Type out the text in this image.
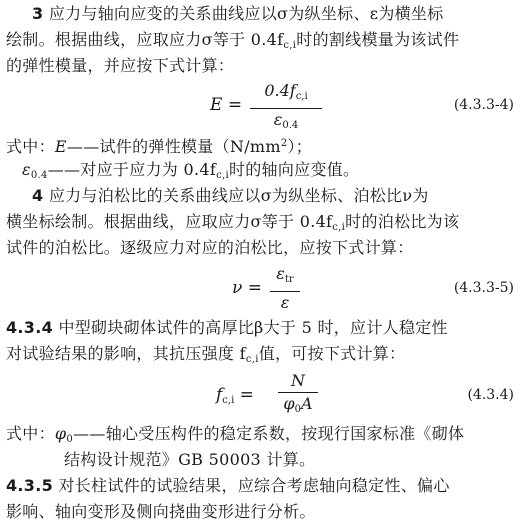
3 应力与轴向应变的关系曲线应以σ为纵坐标、ε为横坐标
绘制。根据曲线，应取应力σ等于 $0.4f_{c,i}$时的割线模量为该试件
的弹性模量，并应按下式计算：
E =
$0.4f_{c,i}$
$\varepsilon_{0.4}$
(4.3.3-4)
式中：E——试件的弹性模量$(N/mm^2)$；
$\varepsilon_{0.4}——$对应于应力为 $0.4f_{c,i}$时的轴向应变值。
4 应力与泊松比的关系曲线应以σ为纵坐标、泊松比ν为
横坐标绘制。根据曲线，应取应力σ等于 $0.4f_{c,i}$时的泊松比为该
试件的泊松比。逐级应力对应的泊松比，应按下式计算：
ν =
$\varepsilon_{tr}$
ε
(4.3.3-5)
4.3.4 中型砌块砌体试件的高厚比β大于 5 时，应计人稳定性
对试验结果的影响，其抗压强度 $f_{c,i}$值，可按下式计算：
$f_{c,i}$ =
N
$\varphi_0A$	(4.3.4)
式中：$\varphi_0——$轴心受压构件的稳定系数，按现行国家标准《砌体
结构设计规范》GB 50003 计算。
4.3.5 对长柱试件的试验结果，应综合考虑轴向稳定性、偏心
影响、轴向变形及侧向挠曲变形进行分析。
